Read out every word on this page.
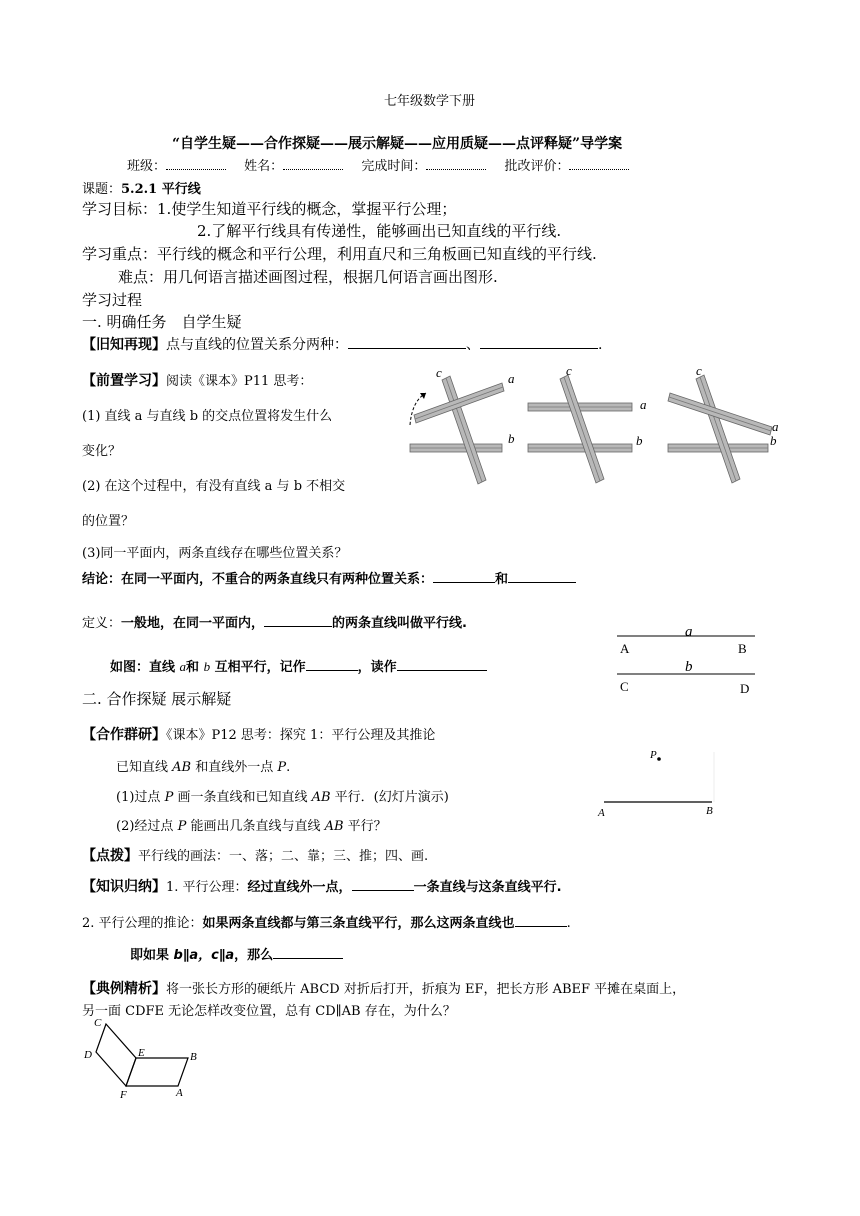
七年级数学下册
“自学生疑——合作探疑——展示解疑——应用质疑——点评释疑”导学案
班级：	姓名：	完成时间：	批改评价：
课题：5.2.1 平行线
学习目标：1.使学生知道平行线的概念，掌握平行公理；
2.了解平行线具有传递性，能够画出已知直线的平行线.
学习重点：平行线的概念和平行公理，利用直尺和三角板画已知直线的平行线.
难点：用几何语言描述画图过程，根据几何语言画出图形.
学习过程
一. 明确任务　自学生疑
【旧知再现】点与直线的位置关系分两种：	、	.
【前置学习】阅读《课本》P11 思考：
(1) 直线 a 与直线 b 的交点位置将发生什么
变化？
(2) 在这个过程中，有没有直线 a 与 b 不相交
的位置？
(3)同一平面内，两条直线存在哪些位置关系？
c	a
b
c
a
b
c
a
b
结论：在同一平面内，不重合的两条直线只有两种位置关系：	和
定义：一般地，在同一平面内，	的两条直线叫做平行线.
a
b
A	B
C	D
如图：直线 a和 b 互相平行，记作	，读作
二. 合作探疑 展示解疑
【合作群研】《课本》P12 思考：探究 1：平行公理及其推论
已知直线 AB 和直线外一点 P.
(1)过点 P 画一条直线和已知直线 AB 平行．(幻灯片演示)
(2)经过点 P 能画出几条直线与直线 AB 平行？
P
A	B
【点拨】平行线的画法：一、落；二、靠；三、推；四、画.
【知识归纳】1. 平行公理：经过直线外一点，	一条直线与这条直线平行.
2. 平行公理的推论：如果两条直线都与第三条直线平行，那么这两条直线也	.
即如果 b∥a，c∥a，那么
【典例精析】将一张长方形的硬纸片 ABCD 对折后打开，折痕为 EF，把长方形 ABEF 平摊在桌面上，
另一面 CDFE 无论怎样改变位置，总有 CD∥AB 存在，为什么？
C
D	E	B
F	A
